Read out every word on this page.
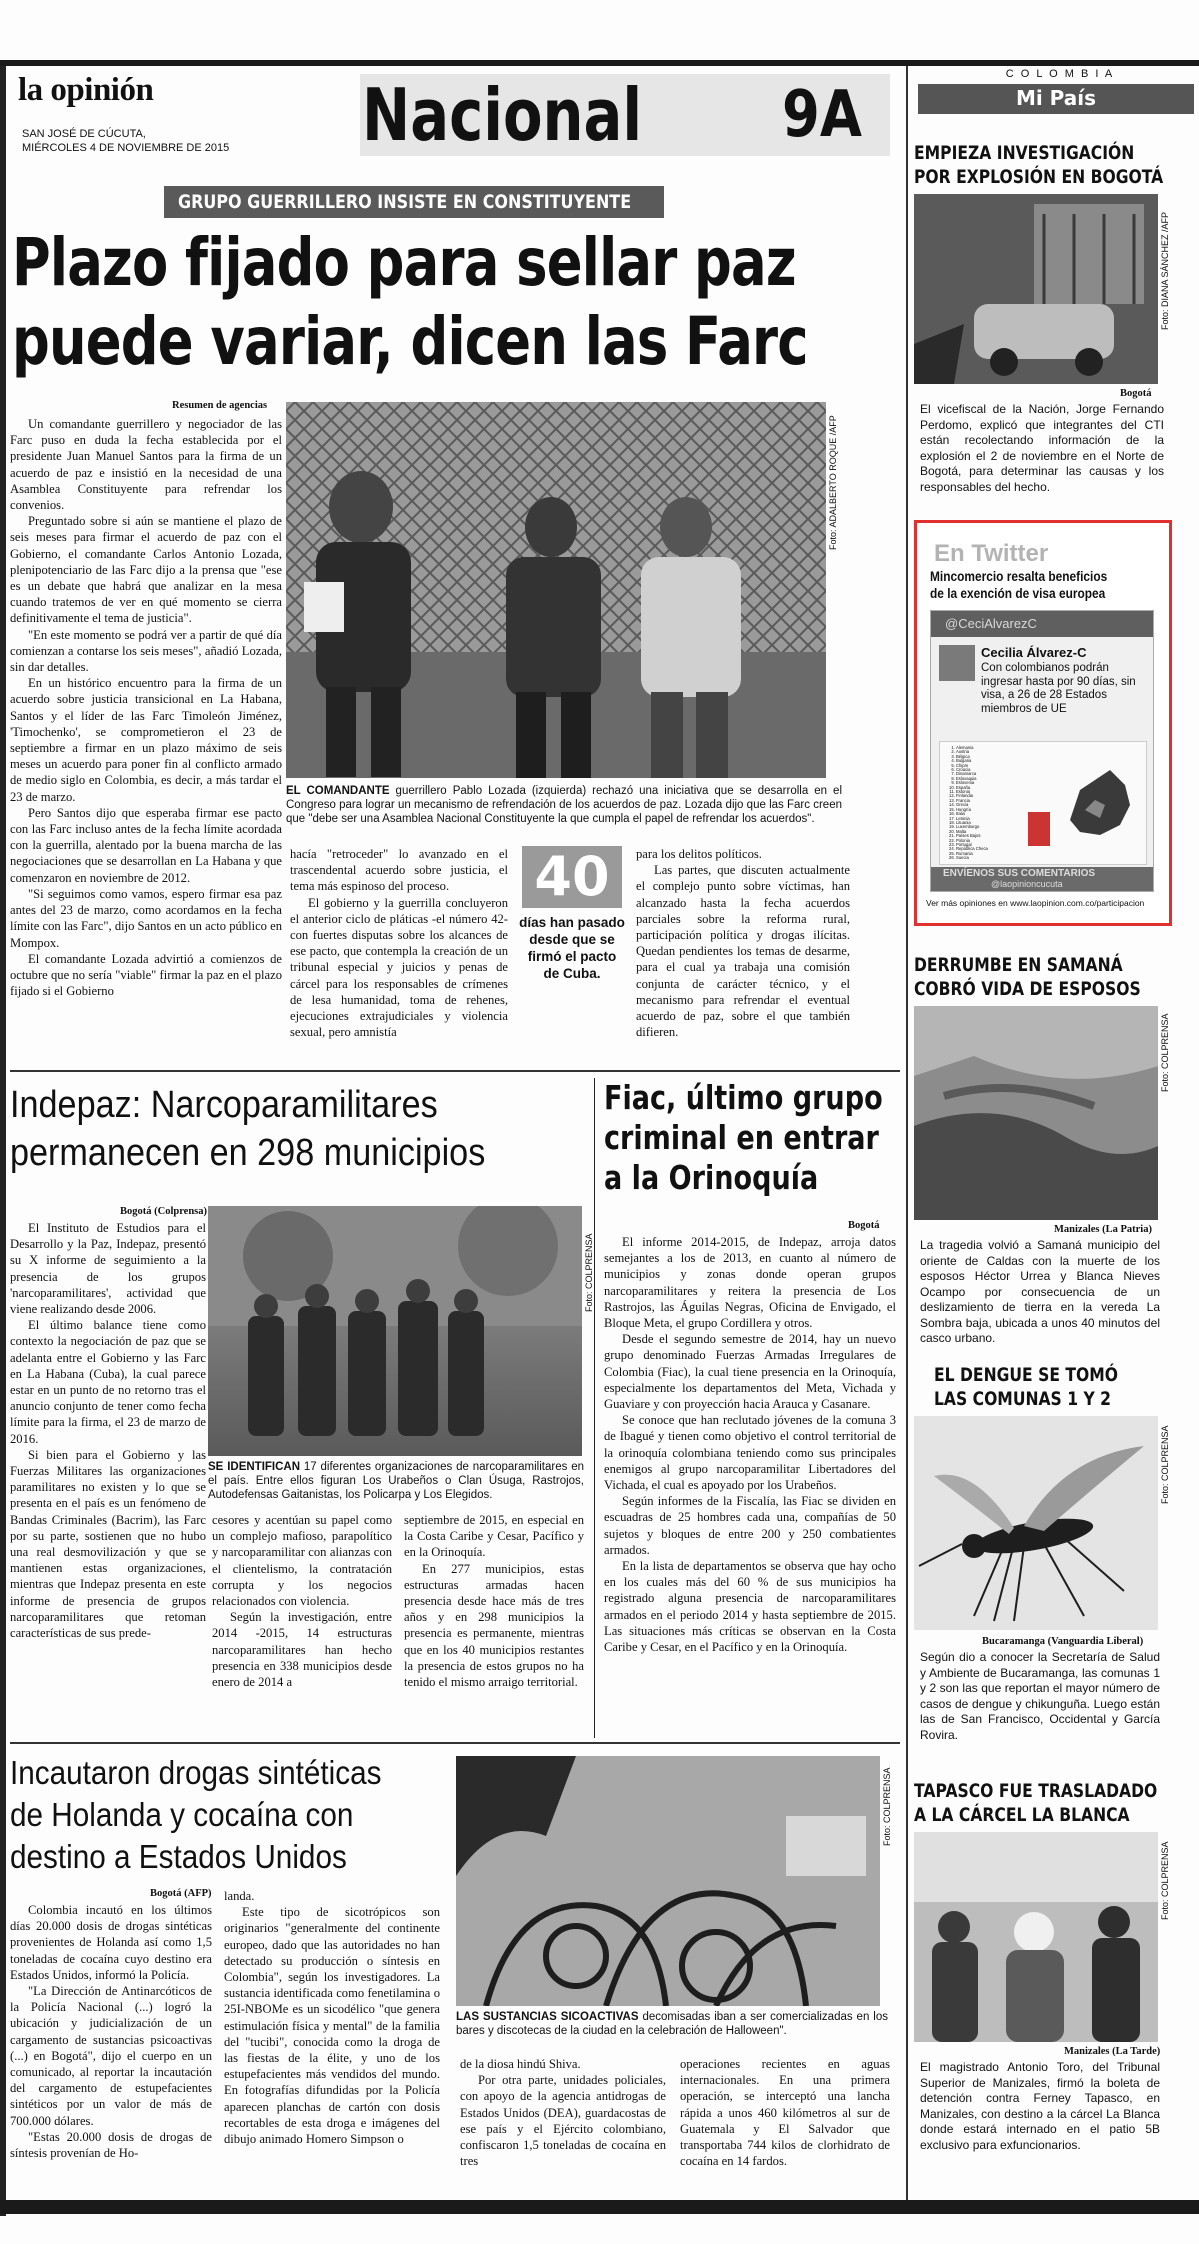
la opinión
SAN JOSÉ DE CÚCUTA,
MIÉRCOLES 4 DE NOVIEMBRE DE 2015 Nacional 9A
C O L O M B I A
Mi País
GRUPO GUERRILLERO INSISTE EN CONSTITUYENTE
Plazo fijado para sellar paz
puede variar, dicen las Farc
Resumen de agencias

Un comandante guerrillero y negociador de las Farc puso en duda la fecha establecida por el presidente Juan Manuel Santos para la firma de un acuerdo de paz e insistió en la necesidad de una Asamblea Constituyente para refrendar los convenios.

Preguntado sobre si aún se mantiene el plazo de seis meses para firmar el acuerdo de paz con el Gobierno, el comandante Carlos Antonio Lozada, plenipotenciario de las Farc dijo a la prensa que "ese es un debate que habrá que analizar en la mesa cuando tratemos de ver en qué momento se cierra definitivamente el tema de justicia".

"En este momento se podrá ver a partir de qué día comienzan a contarse los seis meses", añadió Lozada, sin dar detalles.

En un histórico encuentro para la firma de un acuerdo sobre justicia transicional en La Habana, Santos y el líder de las Farc Timoleón Jiménez, 'Timochenko', se comprometieron el 23 de septiembre a firmar en un plazo máximo de seis meses un acuerdo para poner fin al conflicto armado de medio siglo en Colombia, es decir, a más tardar el 23 de marzo.

Pero Santos dijo que esperaba firmar ese pacto con las Farc incluso antes de la fecha límite acordada con la guerrilla, alentado por la buena marcha de las negociaciones que se desarrollan en La Habana y que comenzaron en noviembre de 2012.

"Si seguimos como vamos, espero firmar esa paz antes del 23 de marzo, como acordamos en la fecha límite con las Farc", dijo Santos en un acto público en Mompox.

El comandante Lozada advirtió a comienzos de octubre que no sería "viable" firmar la paz en el plazo fijado si el Gobierno

Foto: ADALBERTO ROQUE /AFP
EL COMANDANTE guerrillero Pablo Lozada (izquierda) rechazó una iniciativa que se desarrolla en el Congreso para lograr un mecanismo de refrendación de los acuerdos de paz. Lozada dijo que las Farc creen que "debe ser una Asamblea Nacional Constituyente la que cumpla el papel de refrendar los acuerdos".

hacía "retroceder" lo avanzado en el trascendental acuerdo sobre justicia, el tema más espinoso del proceso.

El gobierno y la guerrilla concluyeron el anterior ciclo de pláticas -el número 42- con fuertes disputas sobre los alcances de ese pacto, que contempla la creación de un tribunal especial y juicios y penas de cárcel para los responsables de crímenes de lesa humanidad, toma de rehenes, ejecuciones extrajudiciales y violencia sexual, pero amnistía

40
días han pasado desde que se firmó el pacto de Cuba.

para los delitos políticos.

Las partes, que discuten actualmente el complejo punto sobre víctimas, han alcanzado hasta la fecha acuerdos parciales sobre la reforma rural, participación política y drogas ilícitas. Quedan pendientes los temas de desarme, para el cual ya trabaja una comisión conjunta de carácter técnico, y el mecanismo para refrendar el eventual acuerdo de paz, sobre el que también difieren.

Indepaz: Narcoparamilitares
permanecen en 298 municipios
Bogotá (Colprensa)

El Instituto de Estudios para el Desarrollo y la Paz, Indepaz, presentó su X informe de seguimiento a la presencia de los grupos 'narcoparamilitares', actividad que viene realizando desde 2006.

El último balance tiene como contexto la negociación de paz que se adelanta entre el Gobierno y las Farc en La Habana (Cuba), la cual parece estar en un punto de no retorno tras el anuncio conjunto de tener como fecha límite para la firma, el 23 de marzo de 2016.

Si bien para el Gobierno y las Fuerzas Militares las organizaciones paramilitares no existen y lo que se presenta en el país es un fenómeno de Bandas Criminales (Bacrim), las Farc por su parte, sostienen que no hubo una real desmovilización y que se mantienen estas organizaciones, mientras que Indepaz presenta en este informe de presencia de grupos narcoparamilitares que retoman características de sus prede-

Foto: COLPRENSA
SE IDENTIFICAN 17 diferentes organizaciones de narcoparamilitares en el país. Entre ellos figuran Los Urabeños o Clan Úsuga, Rastrojos, Autodefensas Gaitanistas, los Policarpa y Los Elegidos.

cesores y acentúan su papel como un complejo mafioso, parapolítico y narcoparamilitar con alianzas con el clientelismo, la contratación corrupta y los negocios relacionados con violencia.

Según la investigación, entre 2014 -2015, 14 estructuras narcoparamilitares han hecho presencia en 338 municipios desde enero de 2014 a

septiembre de 2015, en especial en la Costa Caribe y Cesar, Pacífico y en la Orinoquía.

En 277 municipios, estas estructuras armadas hacen presencia desde hace más de tres años y en 298 municipios la presencia es permanente, mientras que en los 40 municipios restantes la presencia de estos grupos no ha tenido el mismo arraigo territorial.

Fiac, último grupo
criminal en entrar
a la Orinoquía
Bogotá

El informe 2014-2015, de Indepaz, arroja datos semejantes a los de 2013, en cuanto al número de municipios y zonas donde operan grupos narcoparamilitares y reitera la presencia de Los Rastrojos, las Águilas Negras, Oficina de Envigado, el Bloque Meta, el grupo Cordillera y otros.

Desde el segundo semestre de 2014, hay un nuevo grupo denominado Fuerzas Armadas Irregulares de Colombia (Fiac), la cual tiene presencia en la Orinoquía, especialmente los departamentos del Meta, Vichada y Guaviare y con proyección hacia Arauca y Casanare.

Se conoce que han reclutado jóvenes de la comuna 3 de Ibagué y tienen como objetivo el control territorial de la orinoquía colombiana teniendo como sus principales enemigos al grupo narcoparamilitar Libertadores del Vichada, el cual es apoyado por los Urabeños.

Según informes de la Fiscalía, las Fiac se dividen en escuadras de 25 hombres cada una, compañías de 50 sujetos y bloques de entre 200 y 250 combatientes armados.

En la lista de departamentos se observa que hay ocho en los cuales más del 60 % de sus municipios ha registrado alguna presencia de narcoparamilitares armados en el periodo 2014 y hasta septiembre de 2015. Las situaciones más críticas se observan en la Costa Caribe y Cesar, en el Pacífico y en la Orinoquía.

Incautaron drogas sintéticas
de Holanda y cocaína con
destino a Estados Unidos
Bogotá (AFP)

Colombia incautó en los últimos días 20.000 dosis de drogas sintéticas provenientes de Holanda así como 1,5 toneladas de cocaína cuyo destino era Estados Unidos, informó la Policía.

"La Dirección de Antinarcóticos de la Policía Nacional (...) logró la ubicación y judicialización de un cargamento de sustancias psicoactivas (...) en Bogotá", dijo el cuerpo en un comunicado, al reportar la incautación del cargamento de estupefacientes sintéticos por un valor de más de 700.000 dólares.

"Estas 20.000 dosis de drogas de síntesis provenían de Ho-

landa.

Este tipo de sicotrópicos son originarios "generalmente del continente europeo, dado que las autoridades no han detectado su producción o síntesis en Colombia", según los investigadores. La sustancia identificada como fenetilamina o 25I-NBOMe es un sicodélico "que genera estimulación física y mental" de la familia del "tucibi", conocida como la droga de las fiestas de la élite, y uno de los estupefacientes más vendidos del mundo. En fotografías difundidas por la Policía aparecen planchas de cartón con dosis recortables de esta droga e imágenes del dibujo animado Homero Simpson o

Foto: COLPRENSA
LAS SUSTANCIAS SICOACTIVAS decomisadas iban a ser comercializadas en los bares y discotecas de la ciudad en la celebración de Halloween".

de la diosa hindú Shiva.

Por otra parte, unidades policiales, con apoyo de la agencia antidrogas de Estados Unidos (DEA), guardacostas de ese país y el Ejército colombiano, confiscaron 1,5 toneladas de cocaína en tres

operaciones recientes en aguas internacionales. En una primera operación, se interceptó una lancha rápida a unos 460 kilómetros al sur de Guatemala y El Salvador que transportaba 744 kilos de clorhidrato de cocaína en 14 fardos.

EMPIEZA INVESTIGACIÓN
POR EXPLOSIÓN EN BOGOTÁ
Foto: DIANA SÁNCHEZ /AFP
Bogotá
El vicefiscal de la Nación, Jorge Fernando Perdomo, explicó que integrantes del CTI están recolectando información de la explosión el 2 de noviembre en el Norte de Bogotá, para determinar las causas y los responsables del hecho.
En Twitter
Mincomercio resalta beneficios
de la exención de visa europea
@CeciAlvarezC
Cecilia Álvarez-C
Con colombianos podrán ingresar hasta por 90 días, sin visa, a 26 de 28 Estados miembros de UE
1. Alemania
2. Austria
3. Bélgica
4. Bulgaria
5. Chipre
6. Croacia
7. Dinamarca
8. Eslovaquia
9. Eslovenia
10. España
11. Estonia
12. Finlandia
13. Francia
14. Grecia
15. Hungría
16. Italia
17. Letonia
18. Lituania
19. Luxemburgo
20. Malta
21. Países Bajos
22. Polonia
23. Portugal
24. República Checa
25. Rumania
26. Suecia
ENVÍENOS SUS COMENTARIOS
@laopinioncucuta
Ver más opiniones en www.laopinion.com.co/participacion
DERRUMBE EN SAMANÁ
COBRÓ VIDA DE ESPOSOS
Foto: COLPRENSA
Manizales (La Patria)
La tragedia volvió a Samaná municipio del oriente de Caldas con la muerte de los esposos Héctor Urrea y Blanca Nieves Ocampo por consecuencia de un deslizamiento de tierra en la vereda La Sombra baja, ubicada a unos 40 minutos del casco urbano.
EL DENGUE SE TOMÓ
LAS COMUNAS 1 Y 2
Foto: COLPRENSA
Bucaramanga (Vanguardia Liberal)
Según dio a conocer la Secretaría de Salud y Ambiente de Bucaramanga, las comunas 1 y 2 son las que reportan el mayor número de casos de dengue y chikunguña. Luego están las de San Francisco, Occidental y García Rovira.
TAPASCO FUE TRASLADADO
A LA CÁRCEL LA BLANCA
Foto: COLPRENSA
Manizales (La Tarde)
El magistrado Antonio Toro, del Tribunal Superior de Manizales, firmó la boleta de detención contra Ferney Tapasco, en Manizales, con destino a la cárcel La Blanca donde estará internado en el patio 5B exclusivo para exfuncionarios.
